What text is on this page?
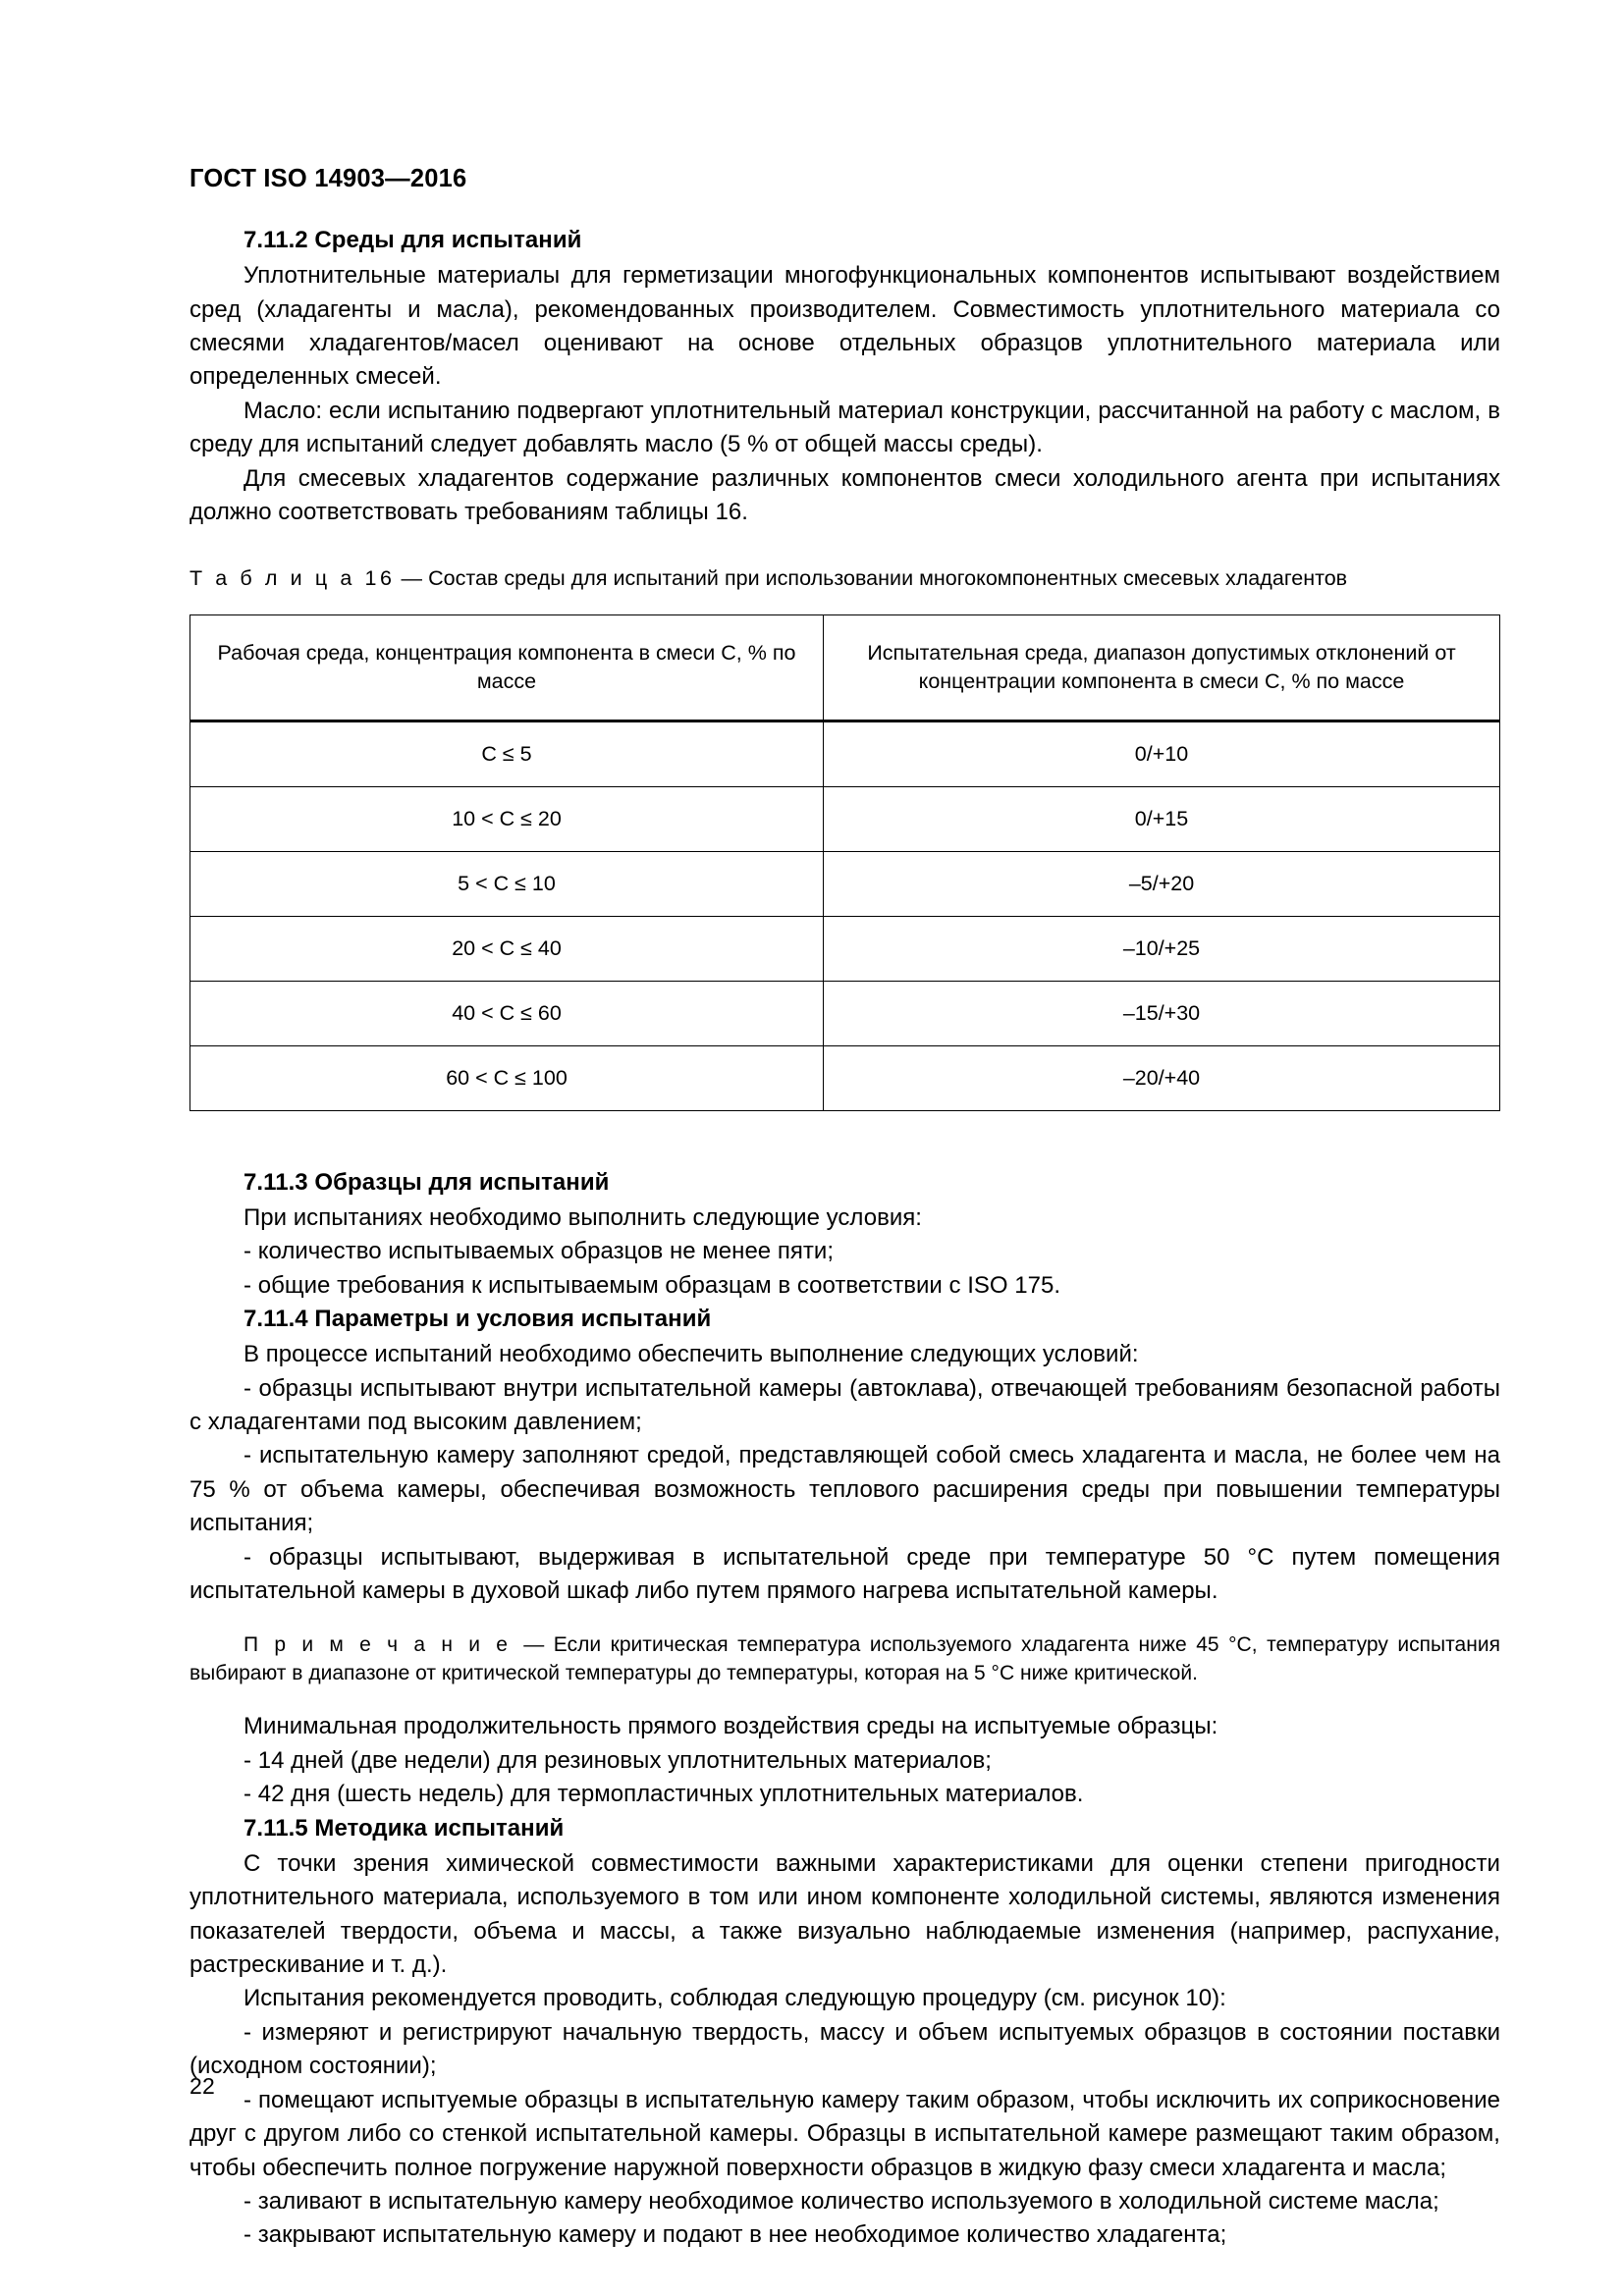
ГОСТ ISO 14903—2016
7.11.2 Среды для испытаний

Уплотнительные материалы для герметизации многофункциональных компонентов испытывают воздействием сред (хладагенты и масла), рекомендованных производителем. Совместимость уплотнительного материала со смесями хладагентов/масел оценивают на основе отдельных образцов уплотнительного материала или определенных смесей.

Масло: если испытанию подвергают уплотнительный материал конструкции, рассчитанной на работу с маслом, в среду для испытаний следует добавлять масло (5 % от общей массы среды).

Для смесевых хладагентов содержание различных компонентов смеси холодильного агента при испытаниях должно соответствовать требованиям таблицы 16.

Т а б л и ц а 16 — Состав среды для испытаний при использовании многокомпонентных смесевых хладагентов

Рабочая среда, концентрация компонента в смеси С, % по массе	Испытательная среда, диапазон допустимых отклонений от концентрации компонента в смеси С, % по массе
C ≤ 5	0/+10
10 < C ≤ 20	0/+15
5 < C ≤ 10	–5/+20
20 < C ≤ 40	–10/+25
40 < C ≤ 60	–15/+30
60 < C ≤ 100	–20/+40
7.11.3 Образцы для испытаний

При испытаниях необходимо выполнить следующие условия:

- количество испытываемых образцов не менее пяти;

- общие требования к испытываемым образцам в соответствии с ISO 175.

7.11.4 Параметры и условия испытаний

В процессе испытаний необходимо обеспечить выполнение следующих условий:

- образцы испытывают внутри испытательной камеры (автоклава), отвечающей требованиям безопасной работы с хладагентами под высоким давлением;

- испытательную камеру заполняют средой, представляющей собой смесь хладагента и масла, не более чем на 75 % от объема камеры, обеспечивая возможность теплового расширения среды при повышении температуры испытания;

- образцы испытывают, выдерживая в испытательной среде при температуре 50 °С путем помещения испытательной камеры в духовой шкаф либо путем прямого нагрева испытательной камеры.

П р и м е ч а н и е — Если критическая температура используемого хладагента ниже 45 °С, температуру испытания выбирают в диапазоне от критической температуры до температуры, которая на 5 °С ниже критической.

Минимальная продолжительность прямого воздействия среды на испытуемые образцы:

- 14 дней (две недели) для резиновых уплотнительных материалов;

- 42 дня (шесть недель) для термопластичных уплотнительных материалов.

7.11.5 Методика испытаний

С точки зрения химической совместимости важными характеристиками для оценки степени пригодности уплотнительного материала, используемого в том или ином компоненте холодильной системы, являются изменения показателей твердости, объема и массы, а также визуально наблюдаемые изменения (например, распухание, растрескивание и т. д.).

Испытания рекомендуется проводить, соблюдая следующую процедуру (см. рисунок 10):

- измеряют и регистрируют начальную твердость, массу и объем испытуемых образцов в состоянии поставки (исходном состоянии);

- помещают испытуемые образцы в испытательную камеру таким образом, чтобы исключить их соприкосновение друг с другом либо со стенкой испытательной камеры. Образцы в испытательной камере размещают таким образом, чтобы обеспечить полное погружение наружной поверхности образцов в жидкую фазу смеси хладагента и масла;

- заливают в испытательную камеру необходимое количество используемого в холодильной системе масла;

- закрывают испытательную камеру и подают в нее необходимое количество хладагента;

22
